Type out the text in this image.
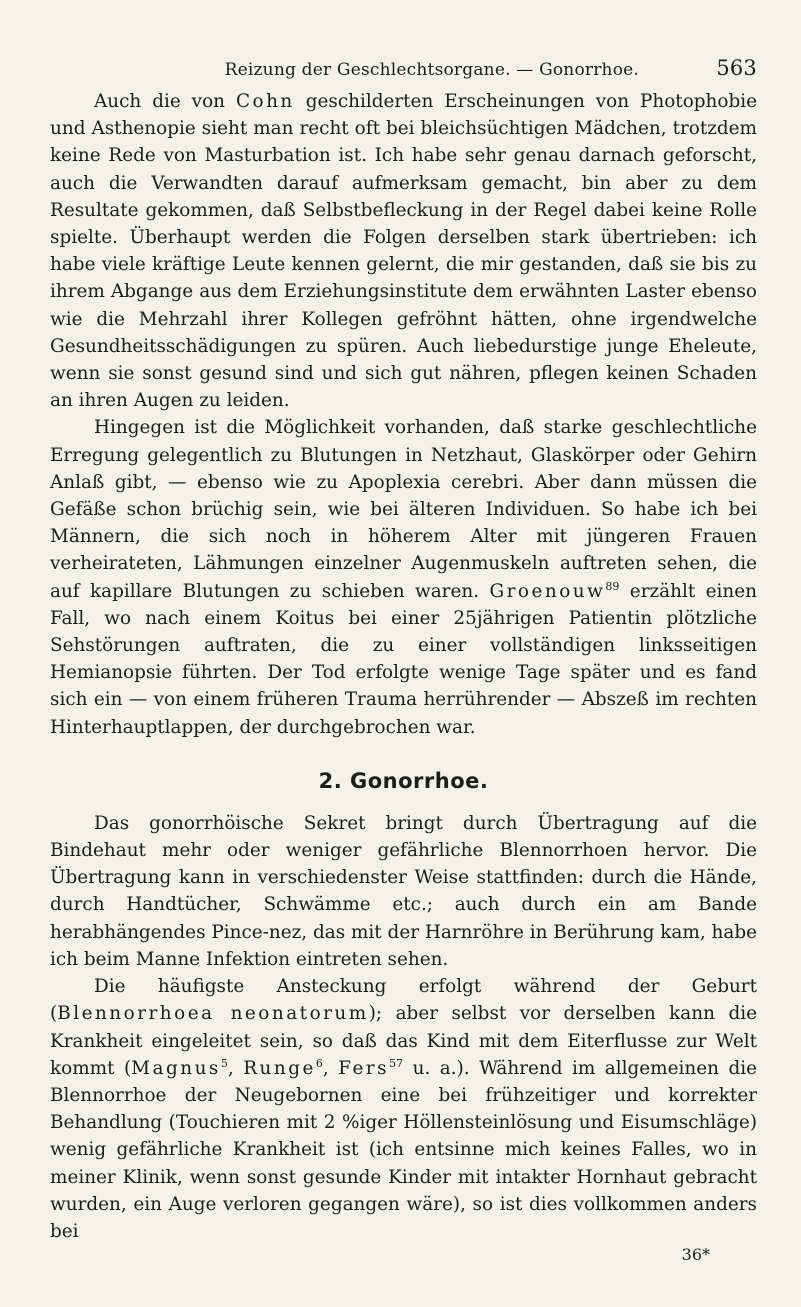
Reizung der Geschlechtsorgane. — Gonorrhoe.	563

Auch die von Cohn geschilderten Erscheinungen von Photophobie und Asthenopie sieht man recht oft bei bleichsüchtigen Mädchen, trotzdem keine Rede von Masturbation ist. Ich habe sehr genau darnach geforscht, auch die Verwandten darauf aufmerksam gemacht, bin aber zu dem Resultate gekommen, daß Selbstbefleckung in der Regel dabei keine Rolle spielte. Überhaupt werden die Folgen derselben stark übertrieben: ich habe viele kräftige Leute kennen gelernt, die mir gestanden, daß sie bis zu ihrem Abgange aus dem Erziehungsinstitute dem erwähnten Laster ebenso wie die Mehrzahl ihrer Kollegen gefröhnt hätten, ohne irgendwelche Gesundheitsschädigungen zu spüren. Auch liebedurstige junge Eheleute, wenn sie sonst gesund sind und sich gut nähren, pflegen keinen Schaden an ihren Augen zu leiden.

Hingegen ist die Möglichkeit vorhanden, daß starke geschlechtliche Erregung gelegentlich zu Blutungen in Netzhaut, Glaskörper oder Gehirn Anlaß gibt, — ebenso wie zu Apoplexia cerebri. Aber dann müssen die Gefäße schon brüchig sein, wie bei älteren Individuen. So habe ich bei Männern, die sich noch in höherem Alter mit jüngeren Frauen verheirateten, Lähmungen einzelner Augenmuskeln auftreten sehen, die auf kapillare Blutungen zu schieben waren. Groenouw$^{89}$ erzählt einen Fall, wo nach einem Koitus bei einer 25jährigen Patientin plötzliche Sehstörungen auftraten, die zu einer vollständigen linksseitigen Hemianopsie führten. Der Tod erfolgte wenige Tage später und es fand sich ein — von einem früheren Trauma herrührender — Abszeß im rechten Hinterhauptlappen, der durchgebrochen war.

2. Gonorrhoe.

Das gonorrhöische Sekret bringt durch Übertragung auf die Bindehaut mehr oder weniger gefährliche Blennorrhoen hervor. Die Übertragung kann in verschiedenster Weise stattfinden: durch die Hände, durch Handtücher, Schwämme etc.; auch durch ein am Bande herabhängendes Pince-nez, das mit der Harnröhre in Berührung kam, habe ich beim Manne Infektion eintreten sehen.

Die häufigste Ansteckung erfolgt während der Geburt (Blennorrhoea neonatorum); aber selbst vor derselben kann die Krankheit eingeleitet sein, so daß das Kind mit dem Eiterflusse zur Welt kommt (Magnus$^5$, Runge$^6$, Fers$^{57}$ u. a.). Während im allgemeinen die Blennorrhoe der Neugebornen eine bei frühzeitiger und korrekter Behandlung (Touchieren mit 2 %iger Höllensteinlösung und Eisumschläge) wenig gefährliche Krankheit ist (ich entsinne mich keines Falles, wo in meiner Klinik, wenn sonst gesunde Kinder mit intakter Hornhaut gebracht wurden, ein Auge verloren gegangen wäre), so ist dies vollkommen anders bei

36*
